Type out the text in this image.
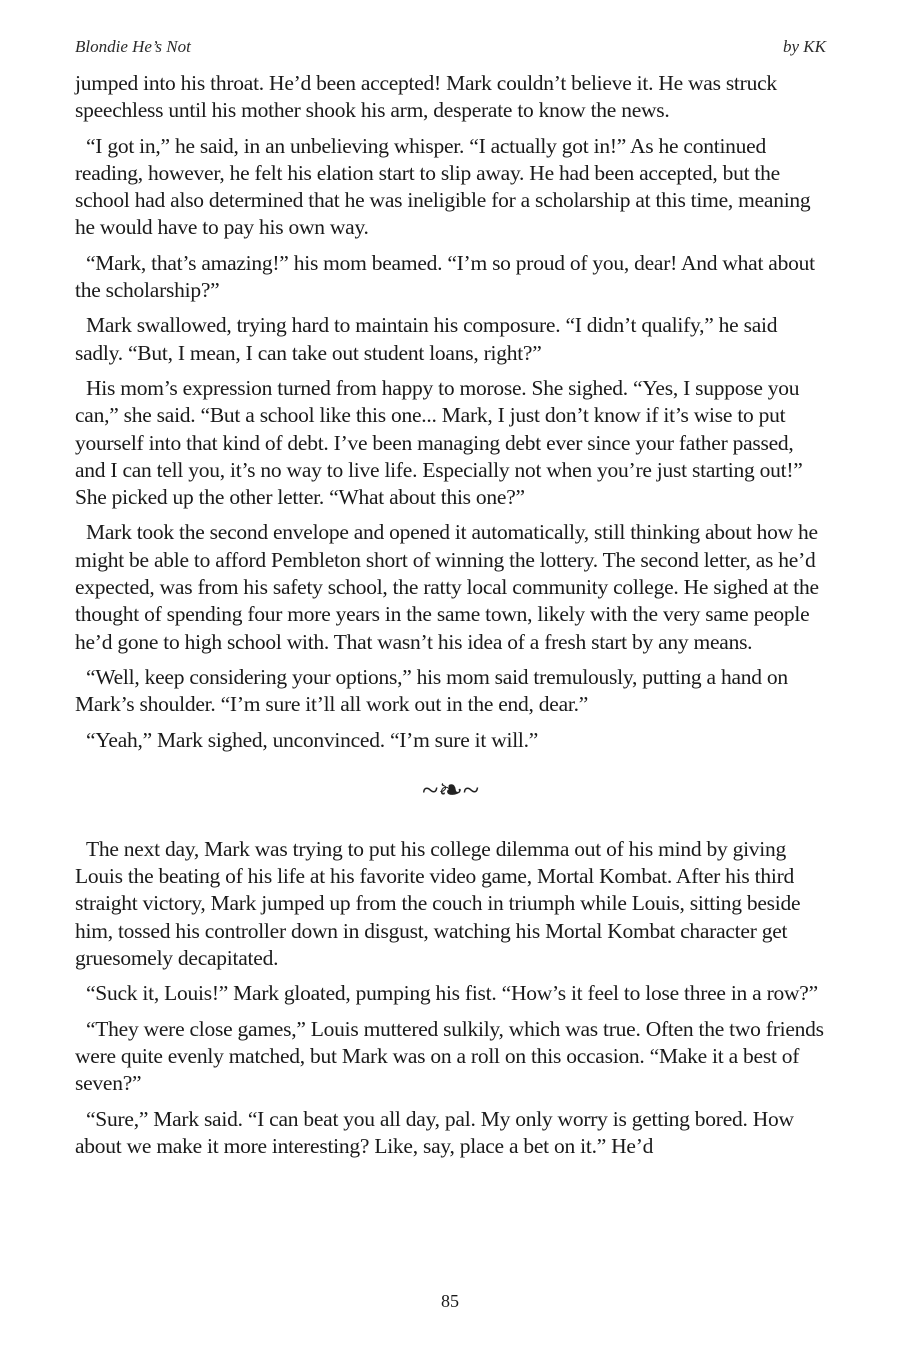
Blondie He’s Not	by KK

jumped into his throat. He’d been accepted! Mark couldn’t believe it. He was struck speechless until his mother shook his arm, desperate to know the news.

“I got in,” he said, in an unbelieving whisper. “I actually got in!” As he continued reading, however, he felt his elation start to slip away. He had been accepted, but the school had also determined that he was ineligible for a scholarship at this time, meaning he would have to pay his own way.

“Mark, that’s amazing!” his mom beamed. “I’m so proud of you, dear! And what about the scholarship?”

Mark swallowed, trying hard to maintain his composure. “I didn’t qualify,” he said sadly. “But, I mean, I can take out student loans, right?”

His mom’s expression turned from happy to morose. She sighed. “Yes, I suppose you can,” she said. “But a school like this one... Mark, I just don’t know if it’s wise to put yourself into that kind of debt. I’ve been managing debt ever since your father passed, and I can tell you, it’s no way to live life. Especially not when you’re just starting out!” She picked up the other letter. “What about this one?”

Mark took the second envelope and opened it automatically, still thinking about how he might be able to afford Pembleton short of winning the lottery. The second letter, as he’d expected, was from his safety school, the ratty local community college. He sighed at the thought of spending four more years in the same town, likely with the very same people he’d gone to high school with. That wasn’t his idea of a fresh start by any means.

“Well, keep considering your options,” his mom said tremulously, putting a hand on Mark’s shoulder. “I’m sure it’ll all work out in the end, dear.”

“Yeah,” Mark sighed, unconvinced. “I’m sure it will.”

~❧~

The next day, Mark was trying to put his college dilemma out of his mind by giving Louis the beating of his life at his favorite video game, Mortal Kombat. After his third straight victory, Mark jumped up from the couch in triumph while Louis, sitting beside him, tossed his controller down in disgust, watching his Mortal Kombat character get gruesomely decapitated.

“Suck it, Louis!” Mark gloated, pumping his fist. “How’s it feel to lose three in a row?”

“They were close games,” Louis muttered sulkily, which was true. Often the two friends were quite evenly matched, but Mark was on a roll on this occasion. “Make it a best of seven?”

“Sure,” Mark said. “I can beat you all day, pal. My only worry is getting bored. How about we make it more interesting? Like, say, place a bet on it.” He’d

85
